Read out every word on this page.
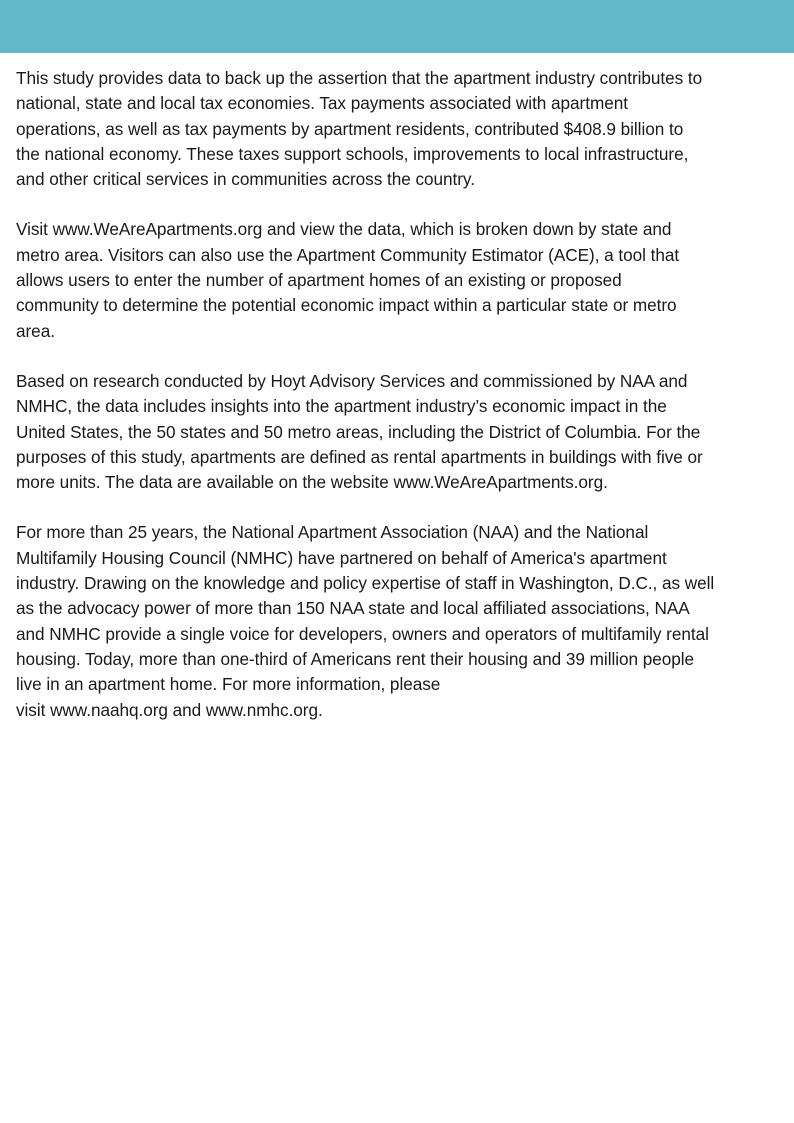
This study provides data to back up the assertion that the apartment industry contributes to
national, state and local tax economies. Tax payments associated with apartment
operations, as well as tax payments by apartment residents, contributed $408.9 billion to
the national economy. These taxes support schools, improvements to local infrastructure,
and other critical services in communities across the country.

Visit www.WeAreApartments.org and view the data, which is broken down by state and
metro area. Visitors can also use the Apartment Community Estimator (ACE), a tool that
allows users to enter the number of apartment homes of an existing or proposed
community to determine the potential economic impact within a particular state or metro
area.

Based on research conducted by Hoyt Advisory Services and commissioned by NAA and
NMHC, the data includes insights into the apartment industry’s economic impact in the
United States, the 50 states and 50 metro areas, including the District of Columbia. For the
purposes of this study, apartments are defined as rental apartments in buildings with five or
more units. The data are available on the website www.WeAreApartments.org.

For more than 25 years, the National Apartment Association (NAA) and the National
Multifamily Housing Council (NMHC) have partnered on behalf of America's apartment
industry. Drawing on the knowledge and policy expertise of staff in Washington, D.C., as well
as the advocacy power of more than 150 NAA state and local affiliated associations, NAA
and NMHC provide a single voice for developers, owners and operators of multifamily rental
housing. Today, more than one-third of Americans rent their housing and 39 million people
live in an apartment home. For more information, please
visit www.naahq.org and www.nmhc.org.
